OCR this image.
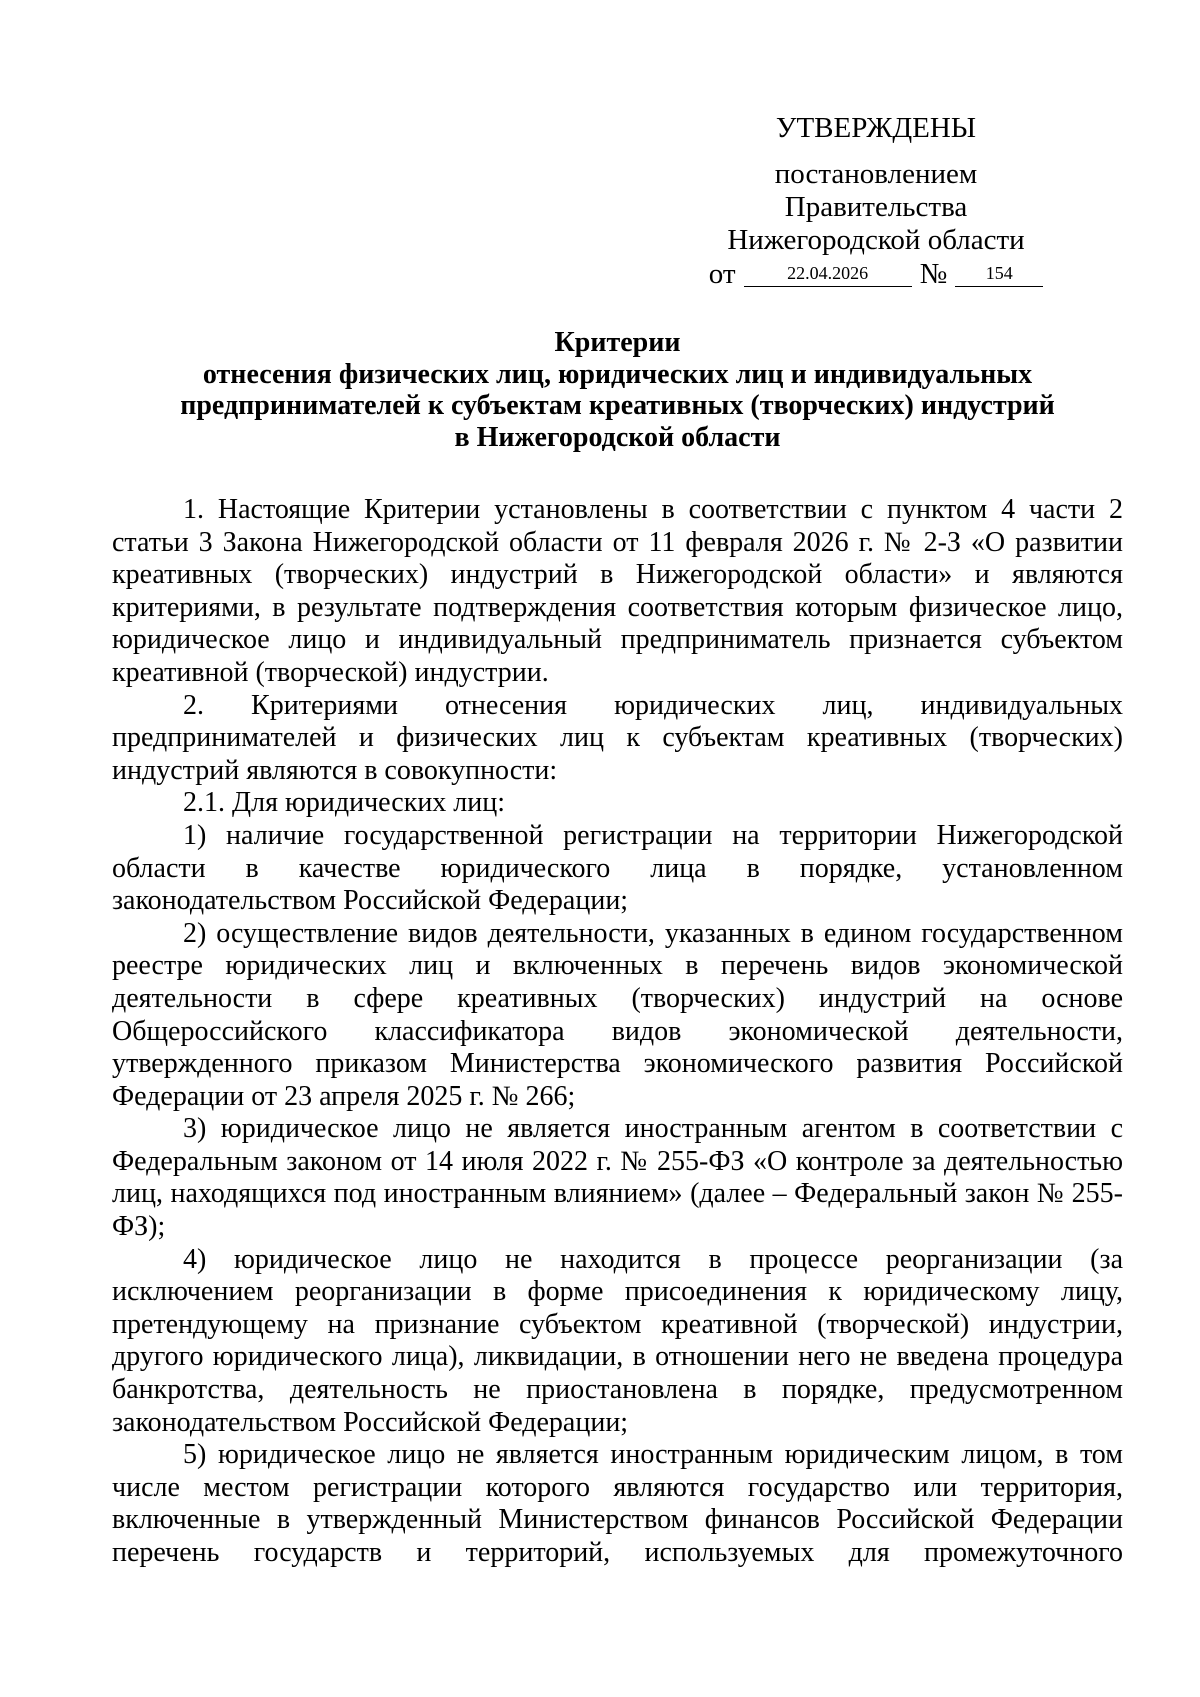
УТВЕРЖДЕНЫ
постановлением Правительства
Нижегородской области
от	22.04.2026	№	154
Критерии
отнесения физических лиц, юридических лиц и индивидуальных
предпринимателей к субъектам креативных (творческих) индустрий
в Нижегородской области

1. Настоящие Критерии установлены в соответствии с пунктом 4 части 2 статьи 3 Закона Нижегородской области от 11 февраля 2026 г. № 2-З «О развитии креативных (творческих) индустрий в Нижегородской области» и являются критериями, в результате подтверждения соответствия которым физическое лицо, юридическое лицо и индивидуальный предприниматель признается субъектом креативной (творческой) индустрии.

2. Критериями отнесения юридических лиц, индивидуальных предпринимателей и физических лиц к субъектам креативных (творческих) индустрий являются в совокупности:

2.1. Для юридических лиц:

1) наличие государственной регистрации на территории Нижегородской области в качестве юридического лица в порядке, установленном законодательством Российской Федерации;

2) осуществление видов деятельности, указанных в едином государственном реестре юридических лиц и включенных в перечень видов экономической деятельности в сфере креативных (творческих) индустрий на основе Общероссийского классификатора видов экономической деятельности, утвержденного приказом Министерства экономического развития Российской Федерации от 23 апреля 2025 г. № 266;

3) юридическое лицо не является иностранным агентом в соответствии с Федеральным законом от 14 июля 2022 г. № 255-ФЗ «О контроле за деятельностью лиц, находящихся под иностранным влиянием» (далее – Федеральный закон № 255-ФЗ);

4) юридическое лицо не находится в процессе реорганизации (за исключением реорганизации в форме присоединения к юридическому лицу, претендующему на признание субъектом креативной (творческой) индустрии, другого юридического лица), ликвидации, в отношении него не введена процедура банкротства, деятельность не приостановлена в порядке, предусмотренном законодательством Российской Федерации;

5) юридическое лицо не является иностранным юридическим лицом, в том числе местом регистрации которого являются государство или территория, включенные в утвержденный Министерством финансов Российской Федерации перечень государств и территорий, используемых для промежуточного
